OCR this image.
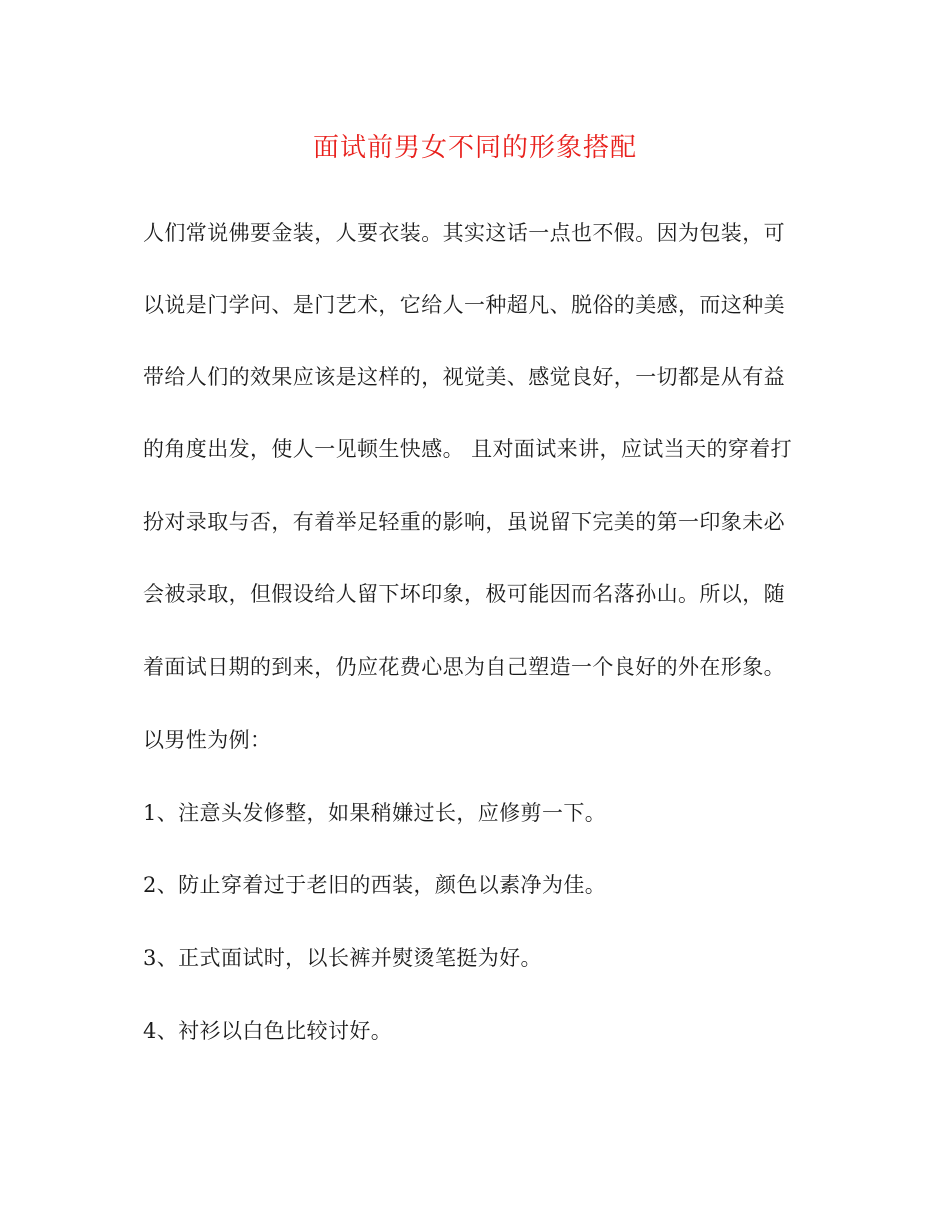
面试前男女不同的形象搭配
人们常说佛要金装，人要衣装。其实这话一点也不假。因为包装，可
以说是门学问、是门艺术，它给人一种超凡、脱俗的美感，而这种美
带给人们的效果应该是这样的，视觉美、感觉良好，一切都是从有益
的角度出发，使人一见顿生快感。 且对面试来讲，应试当天的穿着打
扮对录取与否，有着举足轻重的影响，虽说留下完美的第一印象未必
会被录取，但假设给人留下坏印象，极可能因而名落孙山。所以，随
着面试日期的到来，仍应花费心思为自己塑造一个良好的外在形象。
以男性为例：
1、注意头发修整，如果稍嫌过长，应修剪一下。
2、防止穿着过于老旧的西装，颜色以素净为佳。
3、正式面试时，以长裤并熨烫笔挺为好。
4、衬衫以白色比较讨好。
